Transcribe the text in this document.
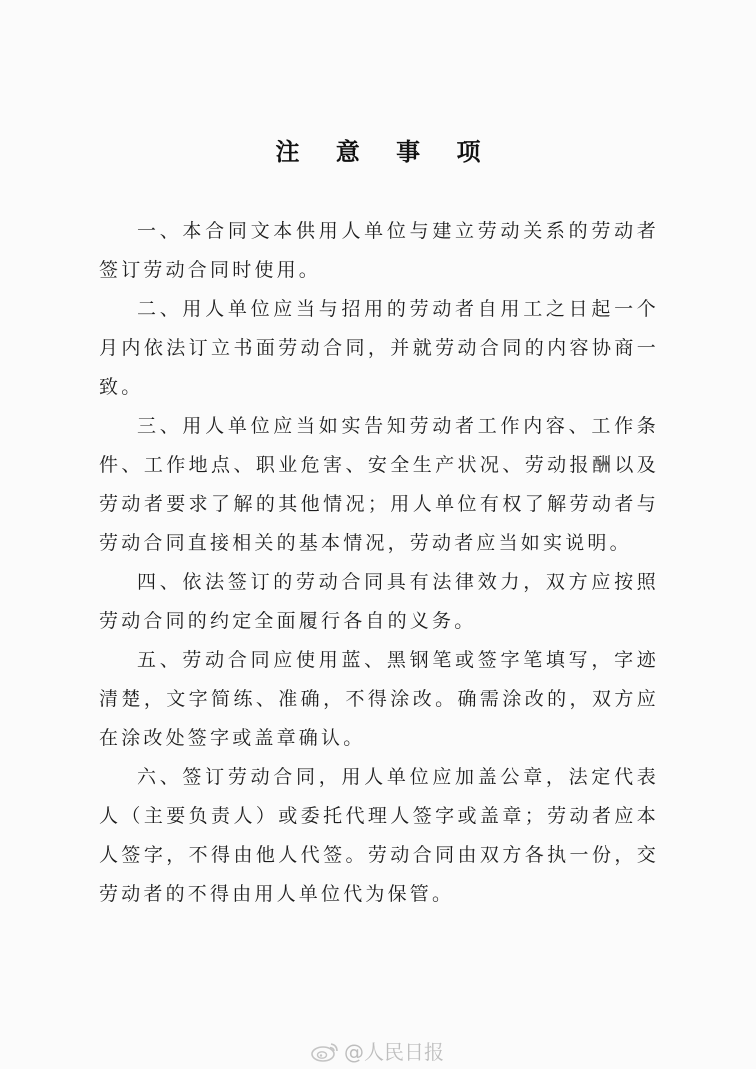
注 意 事 项

一、本合同文本供用人单位与建立劳动关系的劳动者签订劳动合同时使用。

二、用人单位应当与招用的劳动者自用工之日起一个月内依法订立书面劳动合同，并就劳动合同的内容协商一致。

三、用人单位应当如实告知劳动者工作内容、工作条件、工作地点、职业危害、安全生产状况、劳动报酬以及劳动者要求了解的其他情况；用人单位有权了解劳动者与劳动合同直接相关的基本情况，劳动者应当如实说明。

四、依法签订的劳动合同具有法律效力，双方应按照劳动合同的约定全面履行各自的义务。

五、劳动合同应使用蓝、黑钢笔或签字笔填写，字迹清楚，文字简练、准确，不得涂改。确需涂改的，双方应在涂改处签字或盖章确认。

六、签订劳动合同，用人单位应加盖公章，法定代表人（主要负责人）或委托代理人签字或盖章；劳动者应本人签字，不得由他人代签。劳动合同由双方各执一份，交劳动者的不得由用人单位代为保管。

@人民日报
